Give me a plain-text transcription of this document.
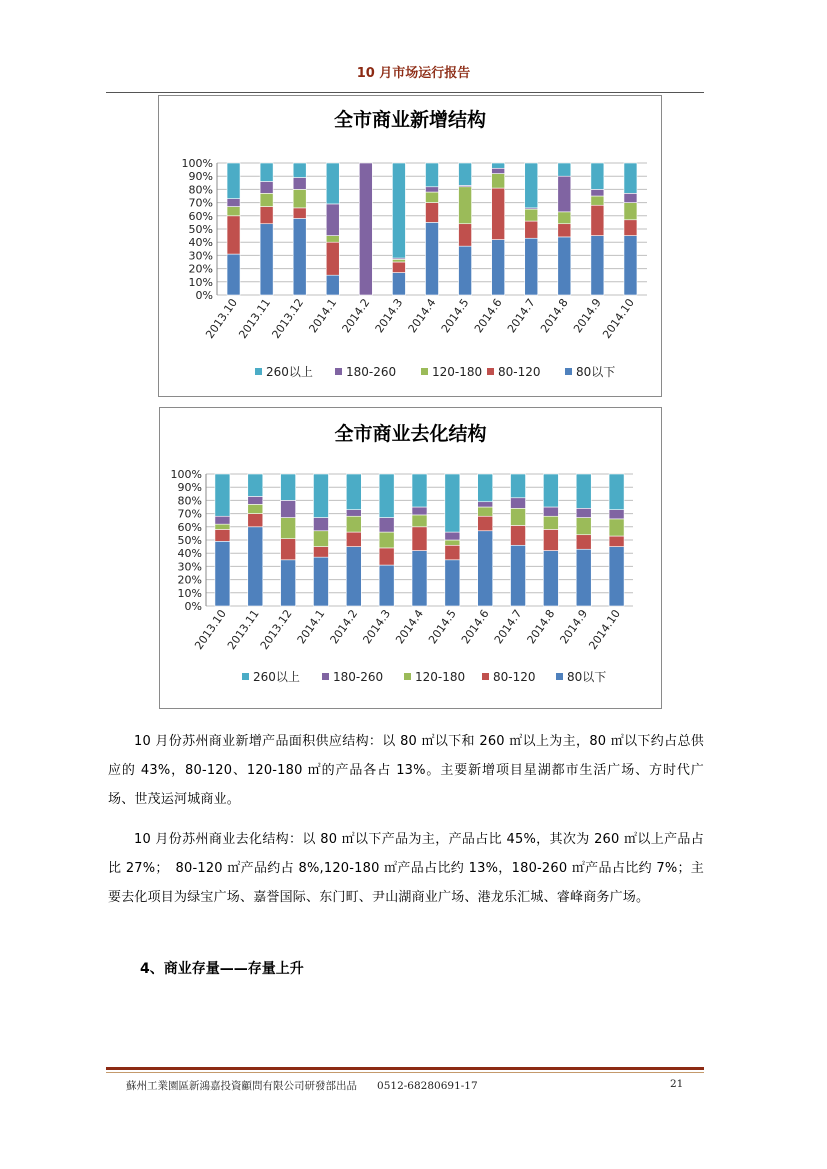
10 月市场运行报告
全市商业新增结构
0%
10%
20%
30%
40%
50%
60%
70%
80%
90%
100%
2013.10
2013.11
2013.12 2014.1 2014.2 2014.3 2014.4 2014.5 2014.6 2014.7 2014.8 2014.9
2014.10
260以上	180-260	120-180 80-120	80以下
全市商业去化结构
0%
10%
20%
30%
40%
50%
60%
70%
80%
90%
100%
2013.10
2013.11
2013.12 2014.1 2014.2 2014.3 2014.4 2014.5 2014.6 2014.7 2014.8 2014.9
2014.10
260以上	180-260	120-180 80-120	80以下
10 月份苏州商业新增产品面积供应结构：以 80 ㎡以下和 260 ㎡以上为主，80 ㎡以下约占总供应的 43%，80-120、120-180 ㎡的产品各占 13%。主要新增项目星湖都市生活广场、方时代广场、世茂运河城商业。
10 月份苏州商业去化结构：以 80 ㎡以下产品为主，产品占比 45%，其次为 260 ㎡以上产品占比 27%；　80-120 ㎡产品约占 8%,120-180 ㎡产品占比约 13%，180-260 ㎡产品占比约 7%；主要去化项目为绿宝广场、嘉誉国际、东门町、尹山湖商业广场、港龙乐汇城、睿峰商务广场。
4、商业存量——存量上升
蘇州工業園區新鴻嘉投資顧問有限公司研發部出品 0512-68280691-17	21
